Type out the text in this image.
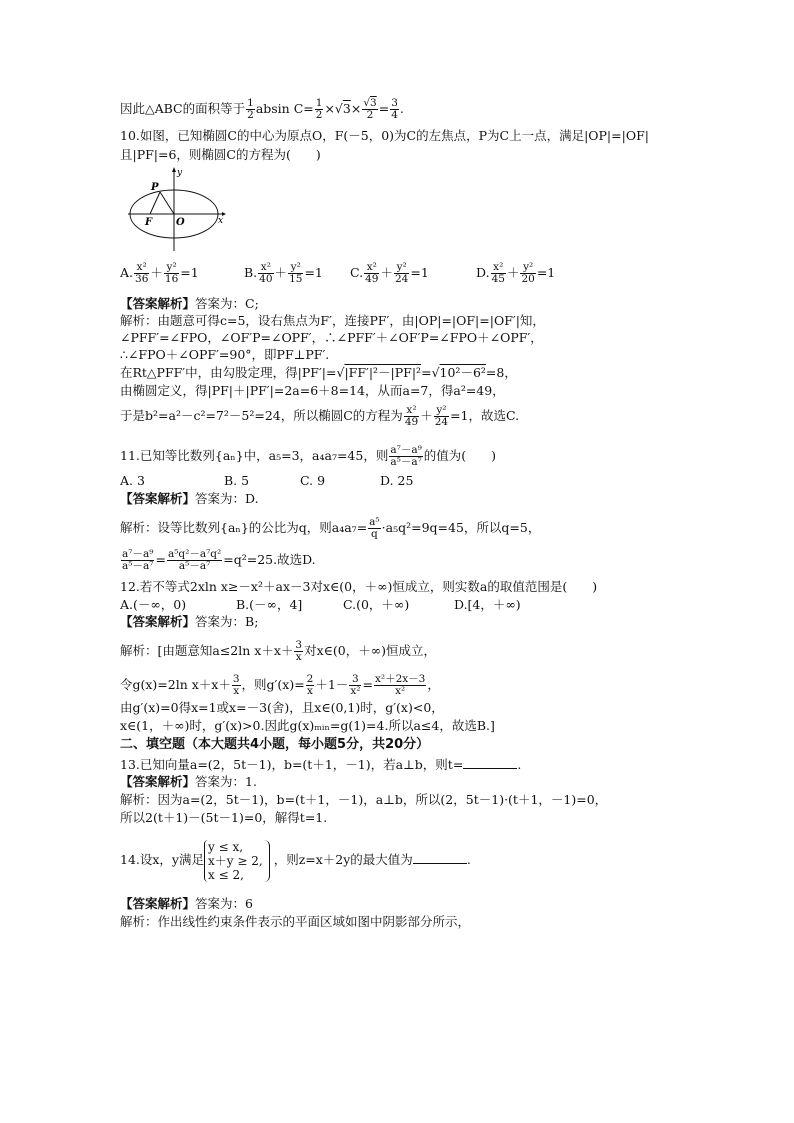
因此△ABC的面积等于 $\frac{1}{2}$ absin $C= \frac{1}{2} \times√3\times \frac{√3}{2} = \frac{3}{4}$ .
10.如图，已知椭圆C的中心为原点O，F(－5，0)为C的左焦点，P为C上一点，满足|OP|=|OF|
且|PF|=6，则椭圆C的方程为(　　)
y
P
F O	x
A. $\frac{\text{x²}}{36} + \frac{\text{y²}}{16} =1$	B. $\frac{\text{x²}}{40} + \frac{\text{y²}}{15} =1$ C. $\frac{\text{x²}}{49} + \frac{\text{y²}}{24} =1$	D. $\frac{\text{x²}}{45} + \frac{\text{y²}}{20} =1$
【答案解析】答案为：C;
解析：由题意可得c=5，设右焦点为F′，连接PF′，由|OP|=|OF|=|OF′|知，
∠PFF′=∠FPO，∠OF′P=∠OPF′，∴∠PFF′＋∠OF′P=∠FPO＋∠OPF′，
∴∠FPO＋∠OPF′=90°，即PF⊥PF′.
在Rt△PFF′中，由勾股定理，得|PF′|=√|FF′|²－|PF|²=√10²－6²=8，
由椭圆定义，得|PF|＋|PF′|=2a=6＋8=14，从而a=7，得a²=49，
于是b²=a²－c²=7²－5²=24，所以椭圆C的方程为 $\frac{\text{x²}}{49} + \frac{\text{y²}}{24} =1$，故选C.
11.已知等比数列{aₙ}中，a₅=3，a₄a₇=45，则 $\frac{\text{a⁷－a⁹}}{\text{a⁵－a⁷}}$ 的值为(　　)
A. 3	B. 5	C. 9	D. 25
【答案解析】答案为：D.
解析：设等比数列{aₙ}的公比为q，则$a_4a_7= \frac{\text{a⁵}}{q} \cdot a_5q^2=9q=45$，所以q=5，
$\frac{\text{a⁷－a⁹}}{\text{a⁵－a⁷}} = \frac{\text{a⁵q²－a⁷q²}}{\text{a⁵－a⁷}} =q^2=25$.故选D.
12.若不等式2xln x≥－x²＋ax－3对x∈(0，＋∞)恒成立，则实数a的取值范围是(　　)
A.(－∞，0)	B.(－∞，4]	C.(0，＋∞)	D.[4，＋∞)
【答案解析】答案为：B;
解析：[由题意知a≤2ln $x+x+ \frac{3}{x}$ 对x∈(0，＋∞)恒成立，
令g(x)=2ln $x+x+ \frac{3}{x}$ ，则$g'(x)= \frac{2}{x} +1- \frac{3}{\text{x²}} = \frac{\text{x²＋2x－3}}{\text{x²}}$ ，
由g′(x)=0得x=1或x=－3(舍)，且x∈(0,1)时，g′(x)<0，
x∈(1，＋∞)时，g′(x)>0.因此g(x)ₘᵢₙ=g(1)=4.所以a≤4，故选B.]
二、填空题（本大题共4小题，每小题5分，共20分）
13.已知向量a=(2，5t－1)，b=(t＋1，－1)，若a⊥b，则t=	.
【答案解析】答案为：1.
解析：因为a=(2，5t－1)，b=(t＋1，－1)，a⊥b，所以(2，5t－1)·(t＋1，－1)=0，
所以2(t＋1)－(5t－1)=0，解得t=1.
14.设x，y满足
y ≤ x,
x＋y ≥ 2,
x ≤ 2,
，则z=x＋2y的最大值为	.
【答案解析】答案为：6
解析：作出线性约束条件表示的平面区域如图中阴影部分所示，
